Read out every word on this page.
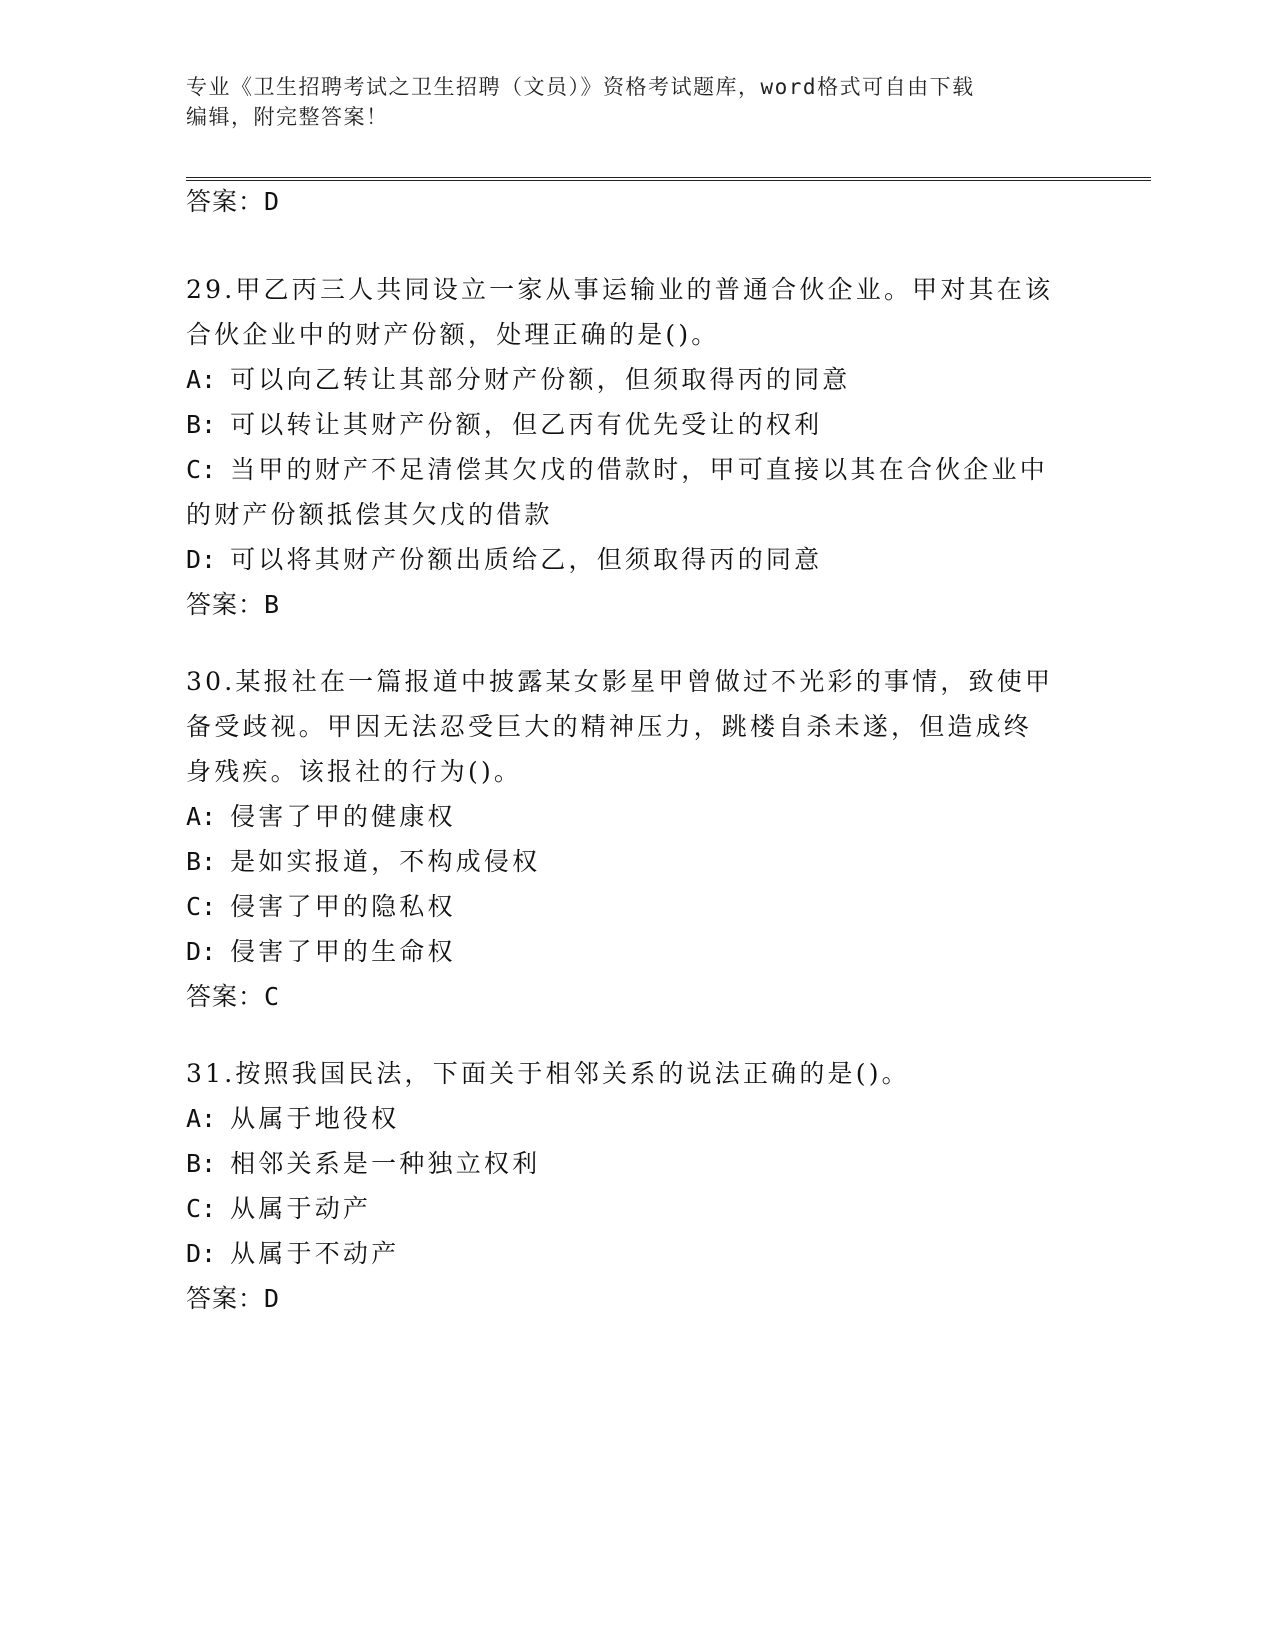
专业《卫生招聘考试之卫生招聘（文员）》资格考试题库，word格式可自由下载
编辑，附完整答案！
答案：D
29.甲乙丙三人共同设立一家从事运输业的普通合伙企业。甲对其在该
合伙企业中的财产份额，处理正确的是()。
A: 可以向乙转让其部分财产份额，但须取得丙的同意
B: 可以转让其财产份额，但乙丙有优先受让的权利
C: 当甲的财产不足清偿其欠戊的借款时，甲可直接以其在合伙企业中
的财产份额抵偿其欠戊的借款
D: 可以将其财产份额出质给乙，但须取得丙的同意
答案：B
30.某报社在一篇报道中披露某女影星甲曾做过不光彩的事情，致使甲
备受歧视。甲因无法忍受巨大的精神压力，跳楼自杀未遂，但造成终
身残疾。该报社的行为()。
A: 侵害了甲的健康权
B: 是如实报道，不构成侵权
C: 侵害了甲的隐私权
D: 侵害了甲的生命权
答案：C
31.按照我国民法，下面关于相邻关系的说法正确的是()。
A: 从属于地役权
B: 相邻关系是一种独立权利
C: 从属于动产
D: 从属于不动产
答案：D
